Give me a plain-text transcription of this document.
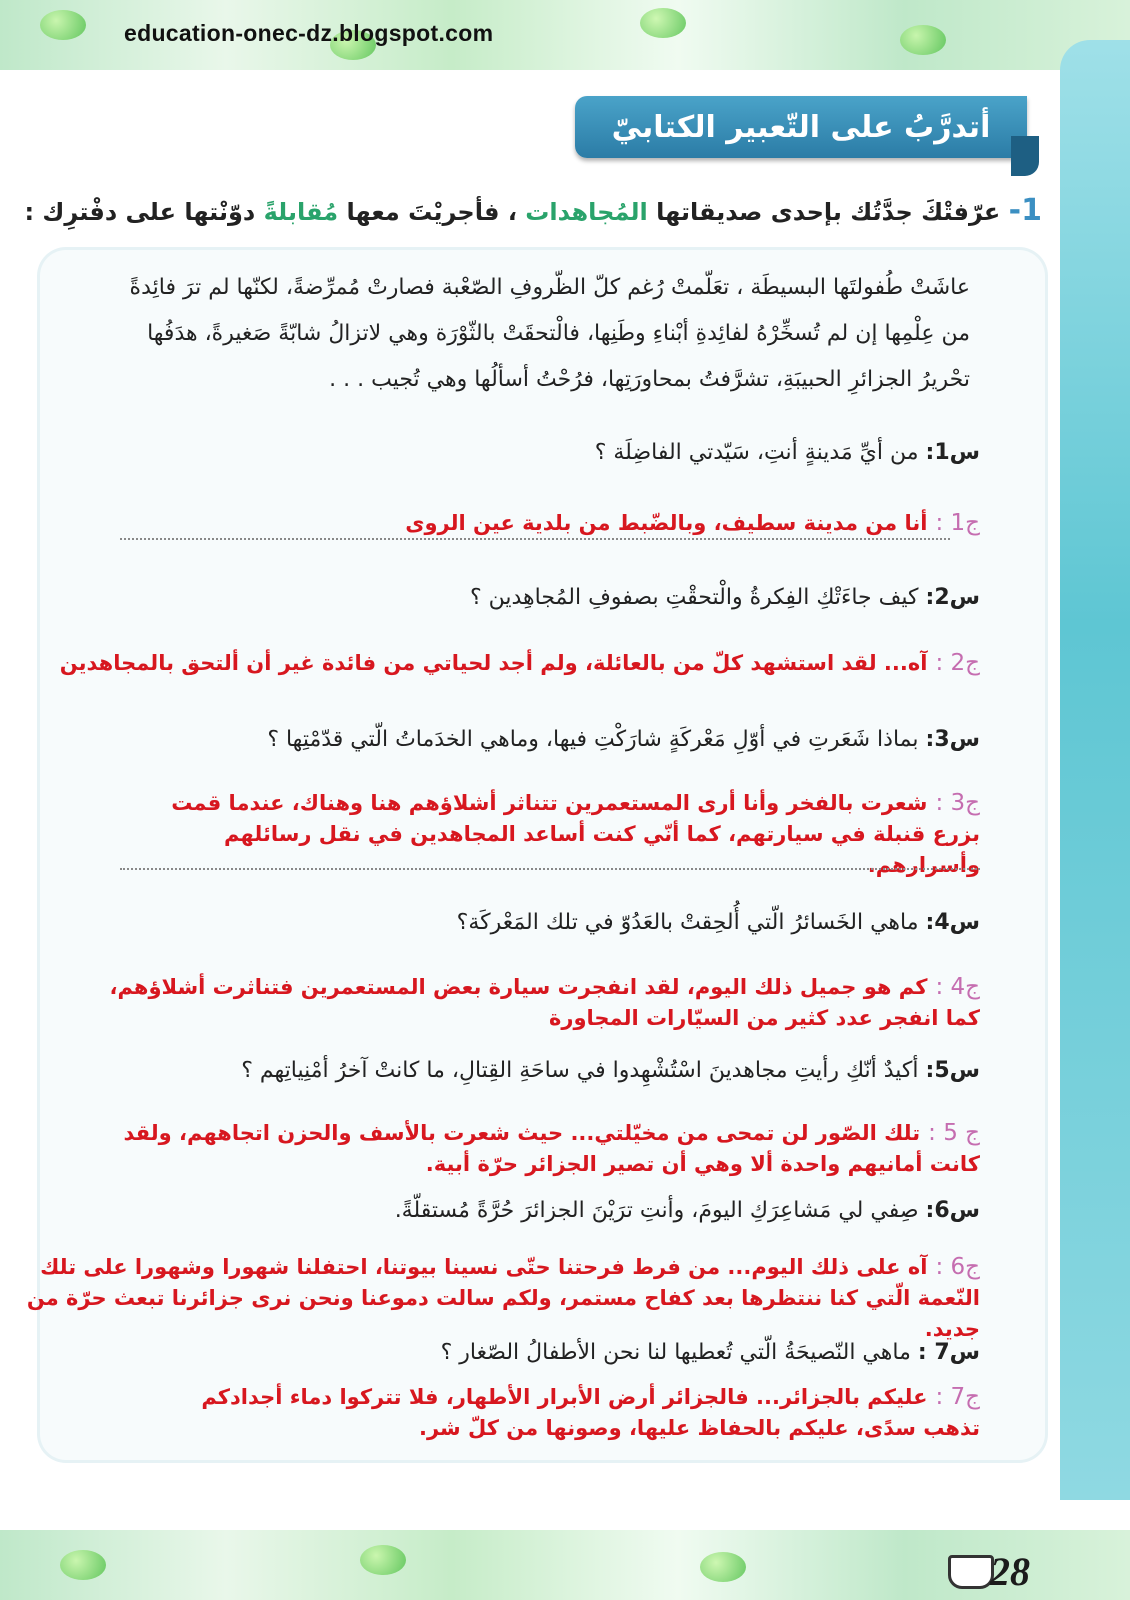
education-onec-dz.blogspot.com
أتدرَّبُ على التّعبير الكتابيّ
1- عرّفتْكَ جدَّتُك بإحدى صديقاتها المُجاهدات ، فأجريْتَ معها مُقابلةً دوّنْتها على دفْترِك :
عاشَتْ طُفولتَها البسيطَة ، تعَلّمتْ رُغم كلّ الظّروفِ الصّعْبة فصارتْ مُمرِّضةً، لكنّها لم ترَ فائِدةً من عِلْمِها إن لم تُسخِّرْهُ لفائِدةِ أبْناءِ وطَنِها، فالْتحقَتْ بالثّوْرَة وهي لاتزالُ شابّةً صَغيرةً، هدَفُها تحْريرُ الجزائرِ الحبيبَةِ، تشرَّفتُ بمحاورَتِها، فرُحْتُ أسألُها وهي تُجيب . . .
س1: من أيِّ مَدينةٍ أنتِ، سَيّدتي الفاضِلَة ؟
ج1 :أنا من مدينة سطيف، وبالضّبط من بلدية عين الروى
س2: كيف جاءَتْكِ الفِكرةُ والْتحقْتِ بصفوفِ المُجاهِدين ؟
ج2 :آه... لقد استشهد كلّ من بالعائلة، ولم أجد لحياتي من فائدة غير أن ألتحق بالمجاهدين
س3: بماذا شَعَرتِ في أوّلِ مَعْركَةٍ شارَكْتِ فيها، وماهي الخدَماتُ الّتي قدّمْتِها ؟
ج3 :شعرت بالفخر وأنا أرى المستعمرين تتناثر أشلاؤهم هنا وهناك، عندما قمت بزرع قنبلة في سيارتهم، كما أنّي كنت أساعد المجاهدين في نقل رسائلهم وأسرارهم.
س4: ماهي الخَسائرُ الّتي أُلحِقتْ بالعَدُوّ في تلك المَعْركَة؟
ج4 :كم هو جميل ذلك اليوم، لقد انفجرت سيارة بعض المستعمرين فتناثرت أشلاؤهم، كما انفجر عدد كثير من السيّارات المجاورة
س5: أكيدٌ أنّكِ رأيتِ مجاهدينَ اسْتُشْهِدوا في ساحَةِ القِتالِ، ما كانتْ آخرُ أمْنِياتِهم ؟
ج 5 :تلك الصّور لن تمحى من مخيّلتي... حيث شعرت بالأسف والحزن اتجاههم، ولقد كانت أمانيهم واحدة ألا وهي أن تصير الجزائر حرّة أبية.
س6: صِفي لي مَشاعِرَكِ اليومَ، وأنتِ ترَيْنَ الجزائرَ حُرَّةً مُستقلّةً.
ج6 :آه على ذلك اليوم... من فرط فرحتنا حتّى نسينا بيوتنا، احتفلنا شهورا وشهورا على تلك النّعمة الّتي كنا ننتظرها بعد كفاح مستمر، ولكم سالت دموعنا ونحن نرى جزائرنا تبعث حرّة من جديد.
س7 : ماهي النّصيحَةُ الّتي تُعطيها لنا نحن الأطفالُ الصّغار ؟
ج7 :عليكم بالجزائر... فالجزائر أرض الأبرار الأطهار، فلا تتركوا دماء أجدادكم تذهب سدًى، عليكم بالحفاظ عليها، وصونها من كلّ شر.
28
